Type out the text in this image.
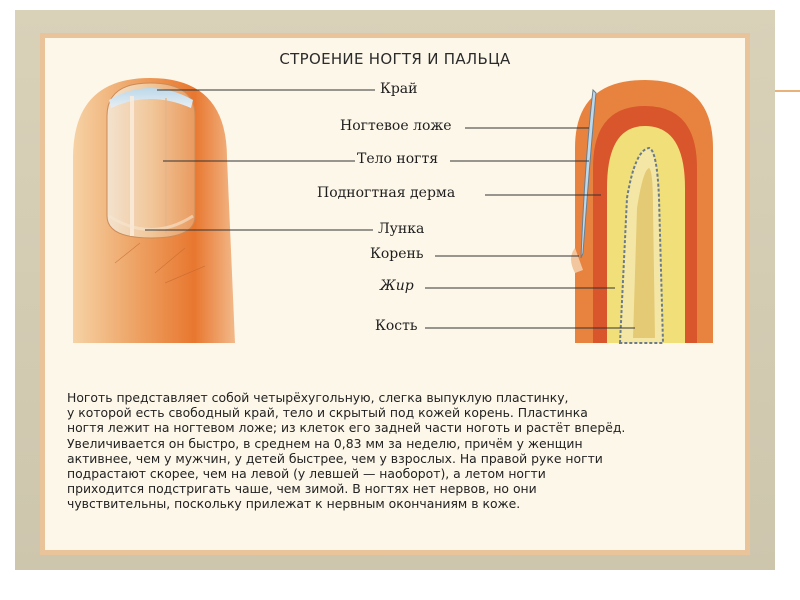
СТРОЕНИЕ НОГТЯ И ПАЛЬЦА
Край
Ногтевое ложе
Тело ногтя
Подногтная дерма
Лунка
Корень
Жир
Кость

Ноготь представляет собой четырёхугольную, слегка выпуклую пластинку,
у которой есть свободный край, тело и скрытый под кожей корень. Пластинка
ногтя лежит на ногтевом ложе; из клеток его задней части ноготь и растёт вперёд.
Увеличивается он быстро, в среднем на 0,83 мм за неделю, причём у женщин
активнее, чем у мужчин, у детей быстрее, чем у взрослых. На правой руке ногти
подрастают скорее, чем на левой (у левшей — наоборот), а летом ногти
приходится подстригать чаше, чем зимой. В ногтях нет нервов, но они
чувствительны, поскольку прилежат к нервным окончаниям в коже.
